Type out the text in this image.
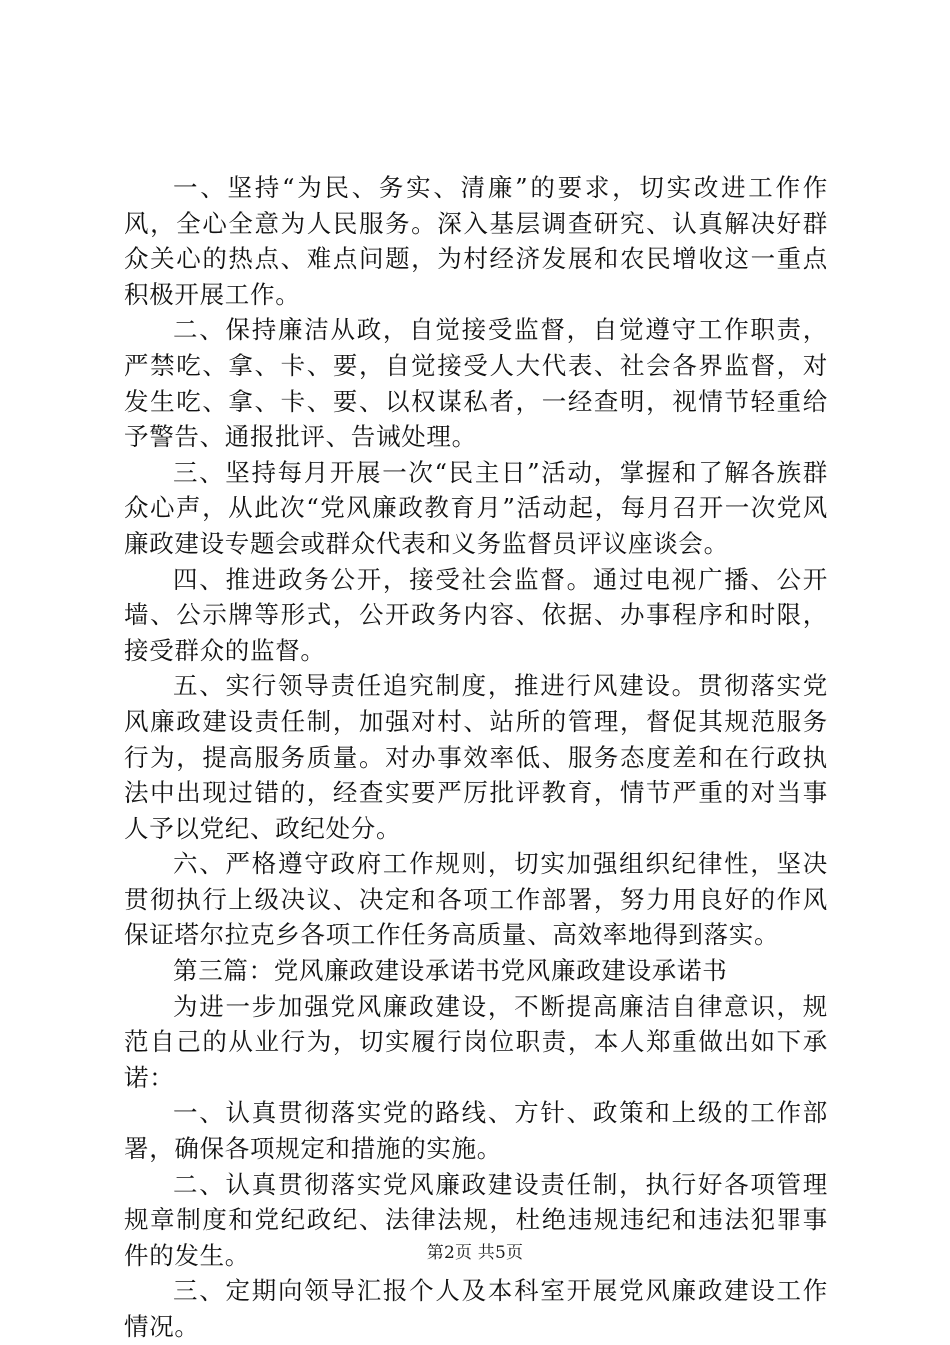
一、坚持“为民、务实、清廉”的要求，切实改进工作作风，全心全意为人民服务。深入基层调查研究、认真解决好群众关心的热点、难点问题，为村经济发展和农民增收这一重点积极开展工作。

二、保持廉洁从政，自觉接受监督，自觉遵守工作职责，严禁吃、拿、卡、要，自觉接受人大代表、社会各界监督，对发生吃、拿、卡、要、以权谋私者，一经查明，视情节轻重给予警告、通报批评、告诫处理。

三、坚持每月开展一次“民主日”活动，掌握和了解各族群众心声，从此次“党风廉政教育月”活动起，每月召开一次党风廉政建设专题会或群众代表和义务监督员评议座谈会。

四、推进政务公开，接受社会监督。通过电视广播、公开墙、公示牌等形式，公开政务内容、依据、办事程序和时限，接受群众的监督。

五、实行领导责任追究制度，推进行风建设。贯彻落实党风廉政建设责任制，加强对村、站所的管理，督促其规范服务行为，提高服务质量。对办事效率低、服务态度差和在行政执法中出现过错的，经查实要严厉批评教育，情节严重的对当事人予以党纪、政纪处分。

六、严格遵守政府工作规则，切实加强组织纪律性，坚决贯彻执行上级决议、决定和各项工作部署，努力用良好的作风保证塔尔拉克乡各项工作任务高质量、高效率地得到落实。

第三篇：党风廉政建设承诺书党风廉政建设承诺书

为进一步加强党风廉政建设，不断提高廉洁自律意识，规范自己的从业行为，切实履行岗位职责，本人郑重做出如下承诺：

一、认真贯彻落实党的路线、方针、政策和上级的工作部署，确保各项规定和措施的实施。

二、认真贯彻落实党风廉政建设责任制，执行好各项管理规章制度和党纪政纪、法律法规，杜绝违规违纪和违法犯罪事件的发生。

三、定期向领导汇报个人及本科室开展党风廉政建设工作情况。

第2页 共5页
